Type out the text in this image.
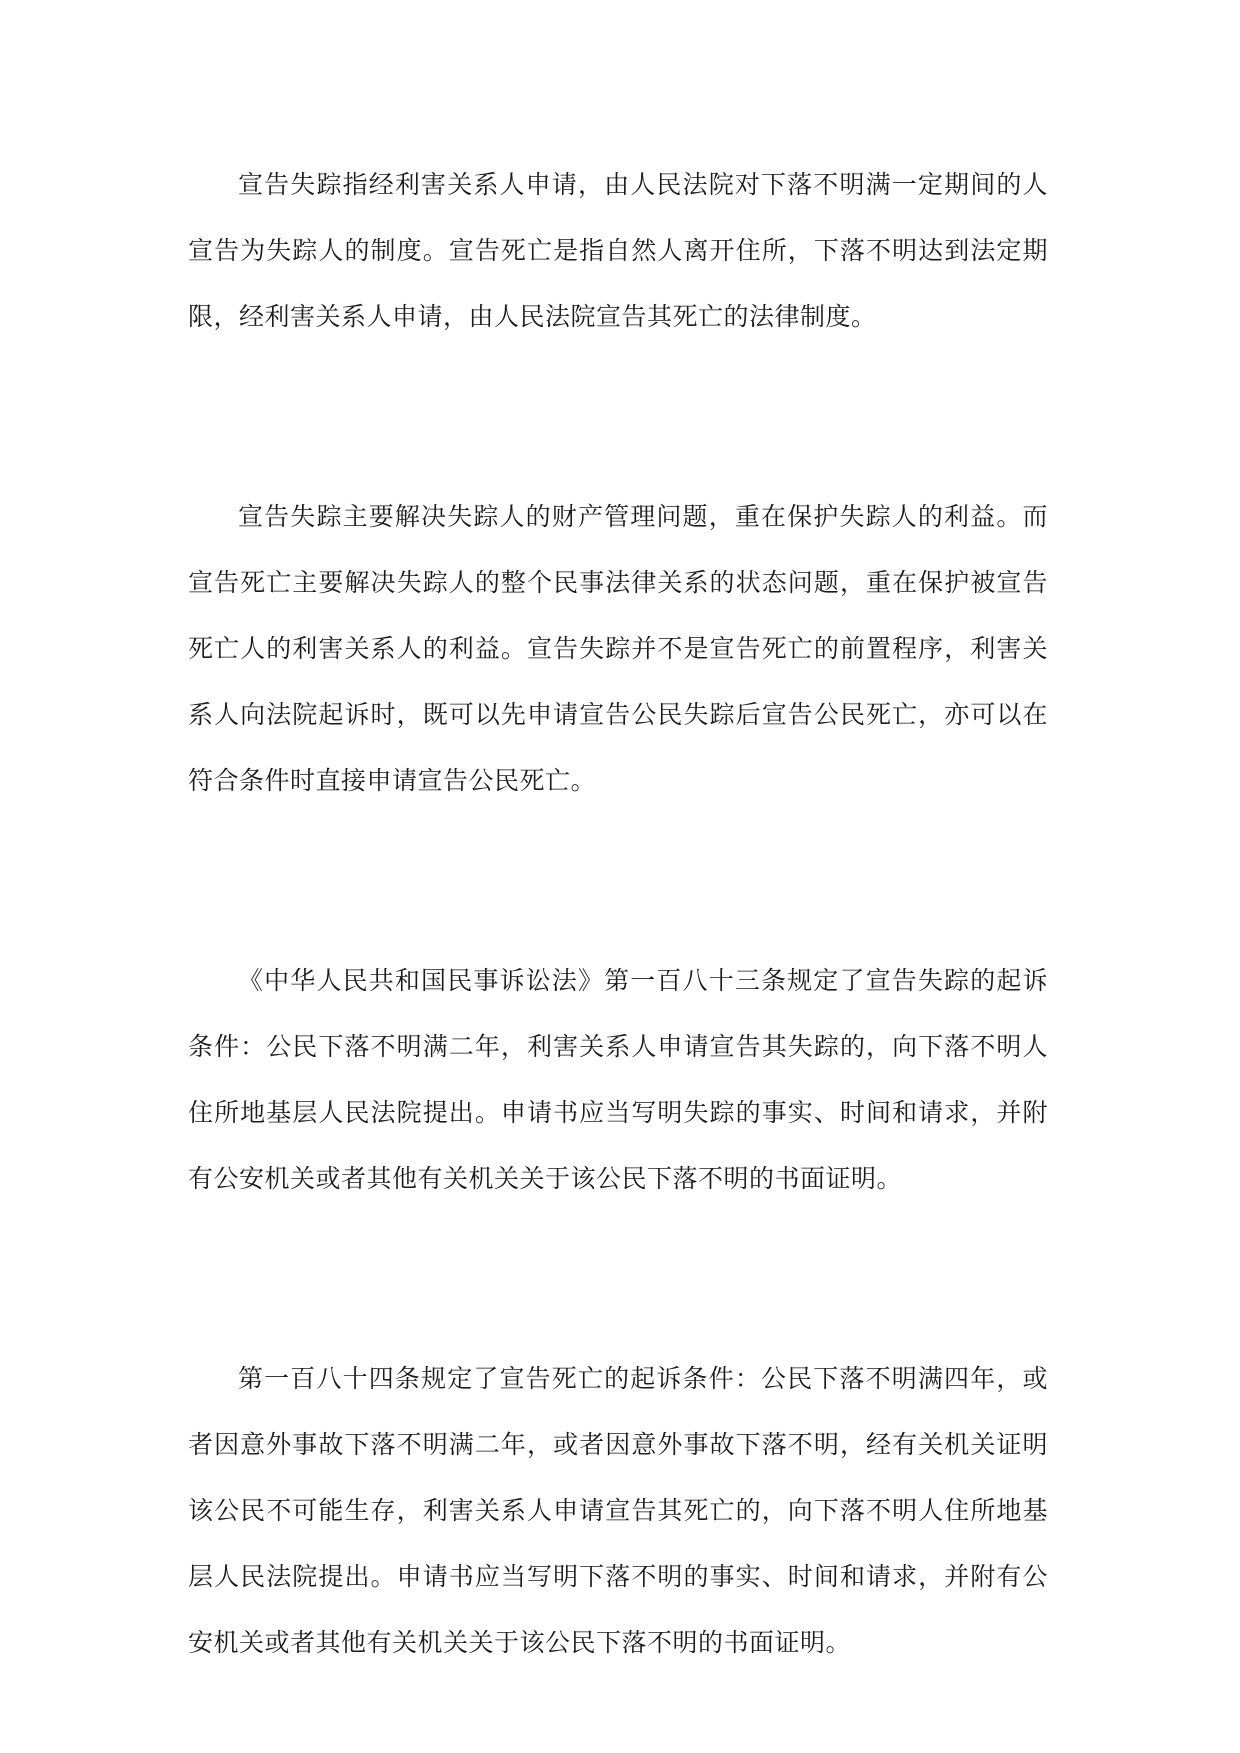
宣告失踪指经利害关系人申请，由人民法院对下落不明满一定期间的人宣告为失踪人的制度。宣告死亡是指自然人离开住所，下落不明达到法定期限，经利害关系人申请，由人民法院宣告其死亡的法律制度。

宣告失踪主要解决失踪人的财产管理问题，重在保护失踪人的利益。而宣告死亡主要解决失踪人的整个民事法律关系的状态问题，重在保护被宣告死亡人的利害关系人的利益。宣告失踪并不是宣告死亡的前置程序，利害关系人向法院起诉时，既可以先申请宣告公民失踪后宣告公民死亡，亦可以在符合条件时直接申请宣告公民死亡。

《中华人民共和国民事诉讼法》第一百八十三条规定了宣告失踪的起诉条件：公民下落不明满二年，利害关系人申请宣告其失踪的，向下落不明人住所地基层人民法院提出。申请书应当写明失踪的事实、时间和请求，并附有公安机关或者其他有关机关关于该公民下落不明的书面证明。

第一百八十四条规定了宣告死亡的起诉条件：公民下落不明满四年，或者因意外事故下落不明满二年，或者因意外事故下落不明，经有关机关证明该公民不可能生存，利害关系人申请宣告其死亡的，向下落不明人住所地基层人民法院提出。申请书应当写明下落不明的事实、时间和请求，并附有公安机关或者其他有关机关关于该公民下落不明的书面证明。
